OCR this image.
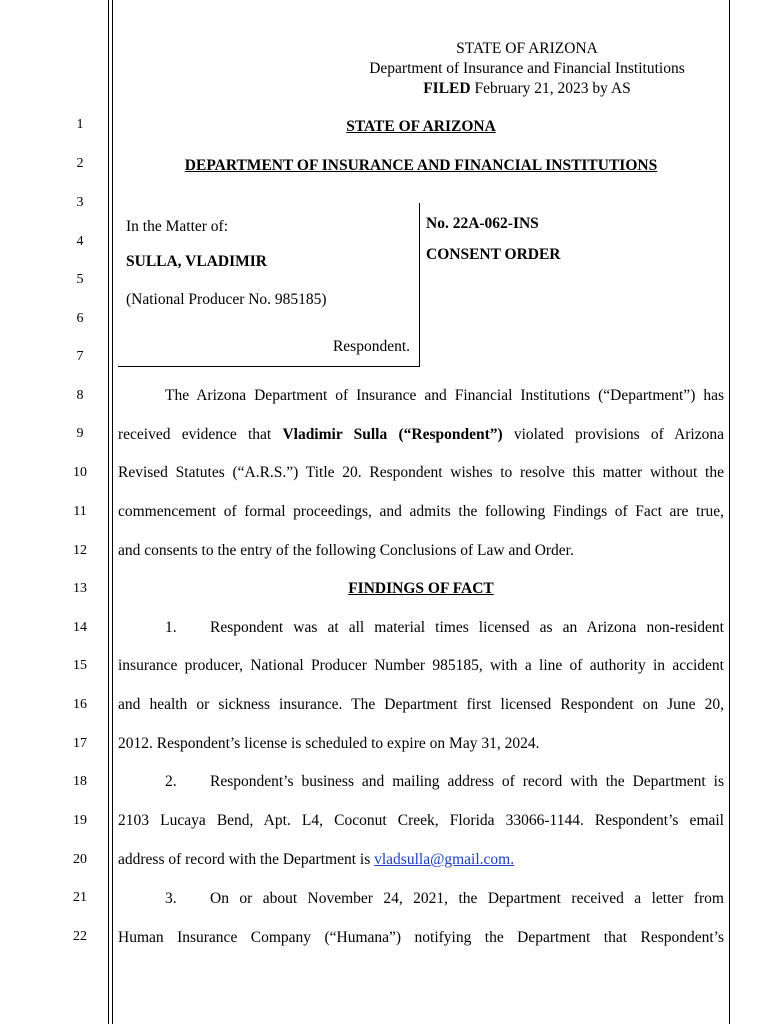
STATE OF ARIZONA
Department of Insurance and Financial Institutions
FILED February 21, 2023 by AS
1
2
3
4
5
6
7
8
9
10
11
12
13
14
15
16
17
18
19
20
21
22
STATE OF ARIZONA
DEPARTMENT OF INSURANCE AND FINANCIAL INSTITUTIONS
In the Matter of:
SULLA, VLADIMIR
(National Producer No. 985185)
Respondent.
No. 22A-062-INS
CONSENT ORDER
The Arizona Department of Insurance and Financial Institutions (“Department”) has
received evidence that Vladimir Sulla (“Respondent”) violated provisions of Arizona
Revised Statutes (“A.R.S.”) Title 20. Respondent wishes to resolve this matter without the
commencement of formal proceedings, and admits the following Findings of Fact are true,
and consents to the entry of the following Conclusions of Law and Order.
FINDINGS OF FACT
1. Respondent was at all material times licensed as an Arizona non-resident
insurance producer, National Producer Number 985185, with a line of authority in accident
and health or sickness insurance. The Department first licensed Respondent on June 20,
2012. Respondent’s license is scheduled to expire on May 31, 2024.
2. Respondent’s business and mailing address of record with the Department is
2103 Lucaya Bend, Apt. L4, Coconut Creek, Florida 33066-1144. Respondent’s email
address of record with the Department is vladsulla@gmail.com.
3. On or about November 24, 2021, the Department received a letter from
Human Insurance Company (“Humana”) notifying the Department that Respondent’s
